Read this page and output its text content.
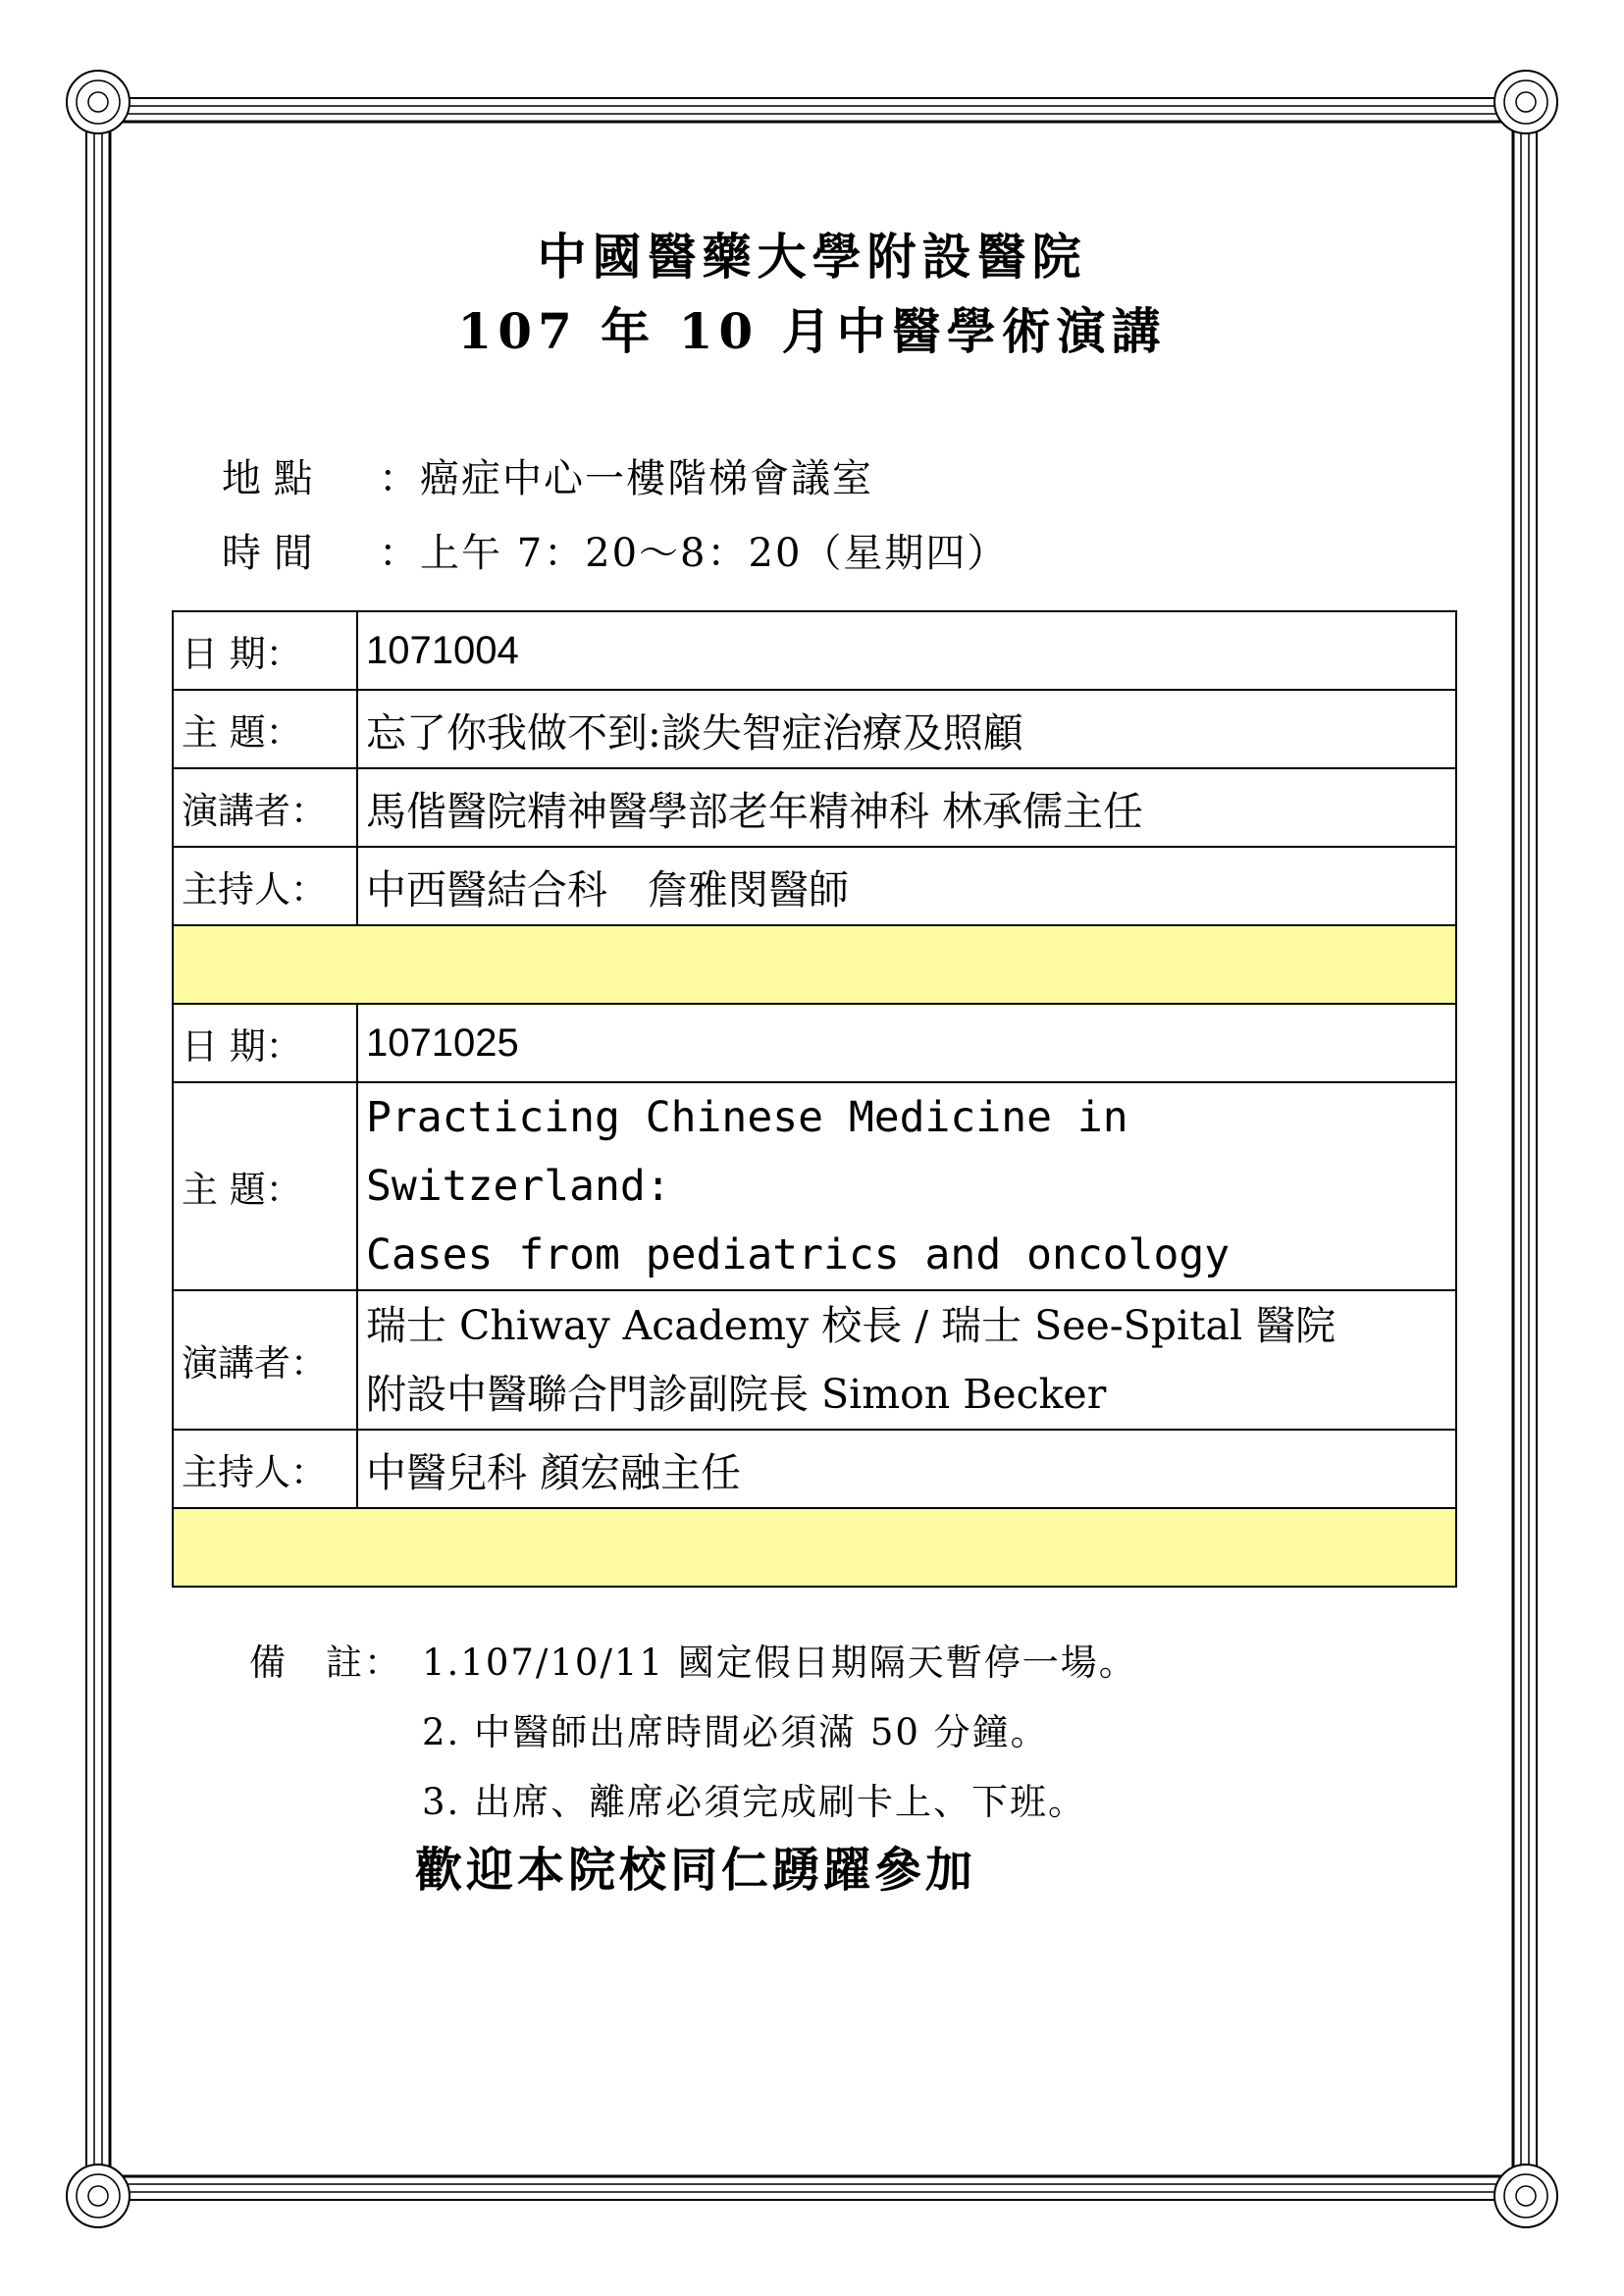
中國醫藥大學附設醫院
107 年 10 月中醫學術演講
地 點 ：癌症中心一樓階梯會議室
時 間 ：上午 7：20～8：20（星期四）
日 期：	1071004
主 題：	忘了你我做不到:談失智症治療及照顧
演講者：	馬偕醫院精神醫學部老年精神科 林承儒主任
主持人：	中西醫結合科　詹雅閔醫師

日 期：	1071025
主 題：	Practicing Chinese Medicine in Switzerland:
Cases from pediatrics and oncology

演講者：	瑞士 Chiway Academy 校長 / 瑞士 See-Spital 醫院
附設中醫聯合門診副院長 Simon Becker

主持人：	中醫兒科 顏宏融主任

備　註： 1.107/10/11 國定假日期隔天暫停一場。
2. 中醫師出席時間必須滿 50 分鐘。
3. 出席、離席必須完成刷卡上、下班。
歡迎本院校同仁踴躍參加
